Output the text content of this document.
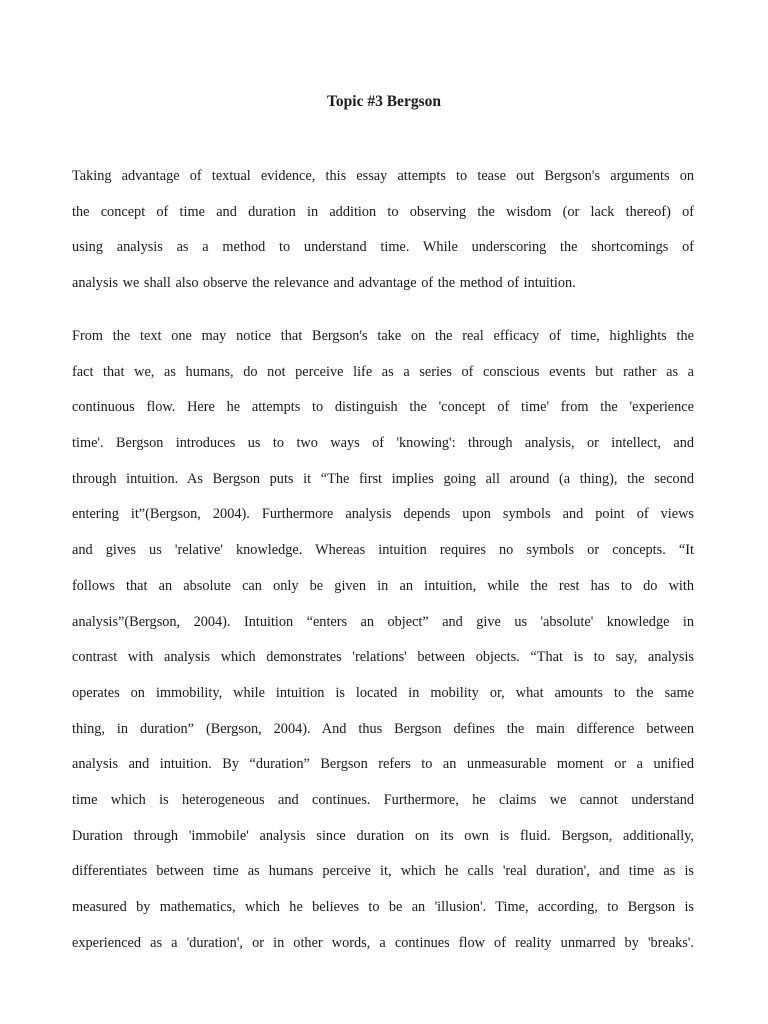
Topic #3 Bergson
Taking advantage of textual evidence, this essay attempts to tease out Bergson's arguments on
the concept of time and duration in addition to observing the wisdom (or lack thereof) of
using analysis as a method to understand time. While underscoring the shortcomings of
analysis we shall also observe the relevance and advantage of the method of intuition.
From the text one may notice that Bergson's take on the real efficacy of time, highlights the
fact that we, as humans, do not perceive life as a series of conscious events but rather as a
continuous flow. Here he attempts to distinguish the 'concept of time' from the 'experience
time'. Bergson introduces us to two ways of 'knowing': through analysis, or intellect, and
through intuition. As Bergson puts it “The first implies going all around (a thing), the second
entering it”(Bergson, 2004). Furthermore analysis depends upon symbols and point of views
and gives us 'relative' knowledge. Whereas intuition requires no symbols or concepts. “It
follows that an absolute can only be given in an intuition, while the rest has to do with
analysis”(Bergson, 2004). Intuition “enters an object” and give us 'absolute' knowledge in
contrast with analysis which demonstrates 'relations' between objects. “That is to say, analysis
operates on immobility, while intuition is located in mobility or, what amounts to the same
thing, in duration” (Bergson, 2004). And thus Bergson defines the main difference between
analysis and intuition. By “duration” Bergson refers to an unmeasurable moment or a unified
time which is heterogeneous and continues. Furthermore, he claims we cannot understand
Duration through 'immobile' analysis since duration on its own is fluid. Bergson, additionally,
differentiates between time as humans perceive it, which he calls 'real duration', and time as is
measured by mathematics, which he believes to be an 'illusion'. Time, according, to Bergson is
experienced as a 'duration', or in other words, a continues flow of reality unmarred by 'breaks'.
